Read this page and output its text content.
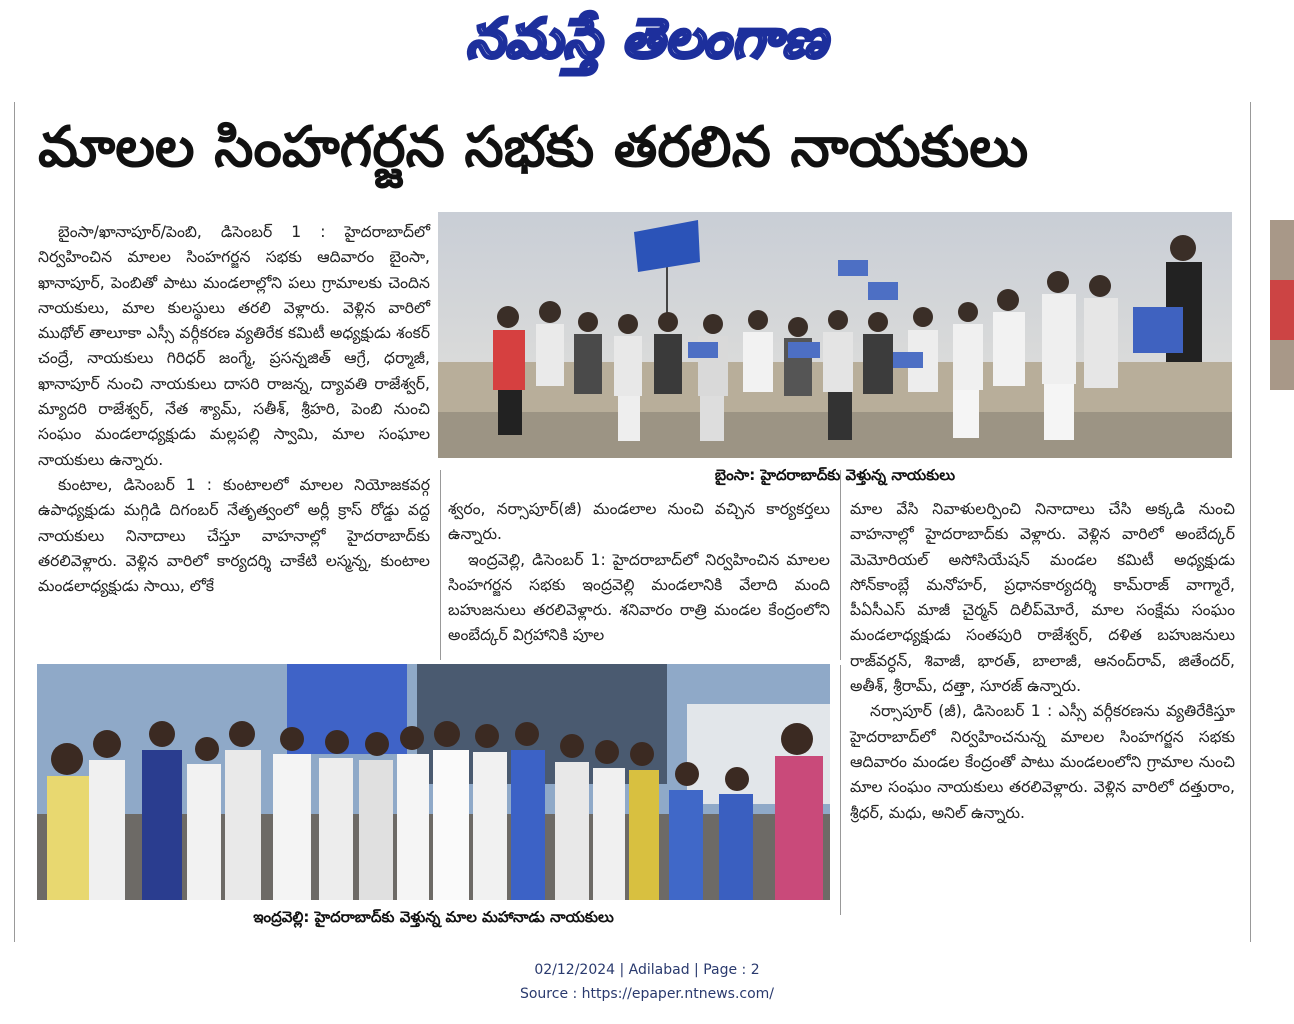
నమస్తే తెలంగాణ
మాలల సింహగర్జన సభకు తరలిన నాయకులు

బైంసా/ఖానాపూర్/పెంబి, డిసెంబర్ 1 : హైదరాబాద్‌లో నిర్వహించిన మాలల సింహగర్జన సభకు ఆదివారం బైంసా, ఖానాపూర్, పెంబితో పాటు మండలాల్లోని పలు గ్రామాలకు చెందిన నాయకులు, మాల కులస్థులు తరలి వెళ్లారు. వెళ్లిన వారిలో ముథోల్ తాలూకా ఎస్సీ వర్గీకరణ వ్యతిరేక కమిటీ అధ్యక్షుడు శంకర్ చంద్రే, నాయకులు గిరిధర్ జంగ్మే, ప్రసన్నజిత్ ఆగ్రే, ధర్మాజీ, ఖానాపూర్ నుంచి నాయకులు దాసరి రాజన్న, ద్యావతి రాజేశ్వర్, మ్యాదరి రాజేశ్వర్, నేత శ్యామ్, సతీశ్, శ్రీహరి, పెంబి నుంచి సంఘం మండలాధ్యక్షుడు మల్లపల్లి స్వామి, మాల సంఘాల నాయకులు ఉన్నారు.

కుంటాల, డిసెంబర్ 1 : కుంటాలలో మాలల నియోజకవర్గ ఉపాధ్యక్షుడు మగ్గిడి దిగంబర్ నేతృత్వంలో అర్లీ క్రాస్ రోడ్డు వద్ద నాయకులు నినాదాలు చేస్తూ వాహనాల్లో హైదరాబాద్‌కు తరలివెళ్లారు. వెళ్లిన వారిలో కార్యదర్శి చాకేటి లస్మన్న, కుంటాల మండలాధ్యక్షుడు సాయి, లోకే

బైంసా: హైదరాబాద్‌కు వెళ్తున్న నాయకులు

శ్వరం, నర్సాపూర్(జీ) మండలాల నుంచి వచ్చిన కార్యకర్తలు ఉన్నారు.

ఇంద్రవెల్లి, డిసెంబర్ 1: హైదరాబాద్‌లో నిర్వహించిన మాలల సింహగర్జన సభకు ఇంద్రవెల్లి మండలానికి వేలాది మంది బహుజనులు తరలివెళ్లారు. శనివారం రాత్రి మండల కేంద్రంలోని అంబేద్కర్ విగ్రహానికి పూల

మాల వేసి నివాళులర్పించి నినాదాలు చేసి అక్కడి నుంచి వాహనాల్లో హైదరాబాద్‌కు వెళ్లారు. వెళ్లిన వారిలో అంబేద్కర్ మెమోరియల్ అసోసియేషన్ మండల కమిటీ అధ్యక్షుడు సోన్‌కాంబ్లే మనోహర్, ప్రధానకార్యదర్శి కామ్‌రాజ్ వాగ్మారే, పీఏసీఎస్ మాజీ చైర్మన్ దిలీప్‌మోరే, మాల సంక్షేమ సంఘం మండలాధ్యక్షుడు సంతపురి రాజేశ్వర్, దళిత బహుజనులు రాజ్‌వర్ధన్, శివాజీ, భారత్, బాలాజీ, ఆనంద్‌రావ్, జితేందర్, అతీశ్, శ్రీరామ్, దత్తా, సూరజ్ ఉన్నారు.

నర్సాపూర్ (జీ), డిసెంబర్ 1 : ఎస్సీ వర్గీకరణను వ్యతిరేకిస్తూ హైదరాబాద్‌లో నిర్వహించనున్న మాలల సింహగర్జన సభకు ఆదివారం మండల కేంద్రంతో పాటు మండలంలోని గ్రామాల నుంచి మాల సంఘం నాయకులు తరలివెళ్లారు. వెళ్లిన వారిలో దత్తురాం, శ్రీధర్, మధు, అనిల్ ఉన్నారు.

ఇంద్రవెల్లి: హైదరాబాద్‌కు వెళ్తున్న మాల మహానాడు నాయకులు
02/12/2024 | Adilabad | Page : 2
Source : https://epaper.ntnews.com/
